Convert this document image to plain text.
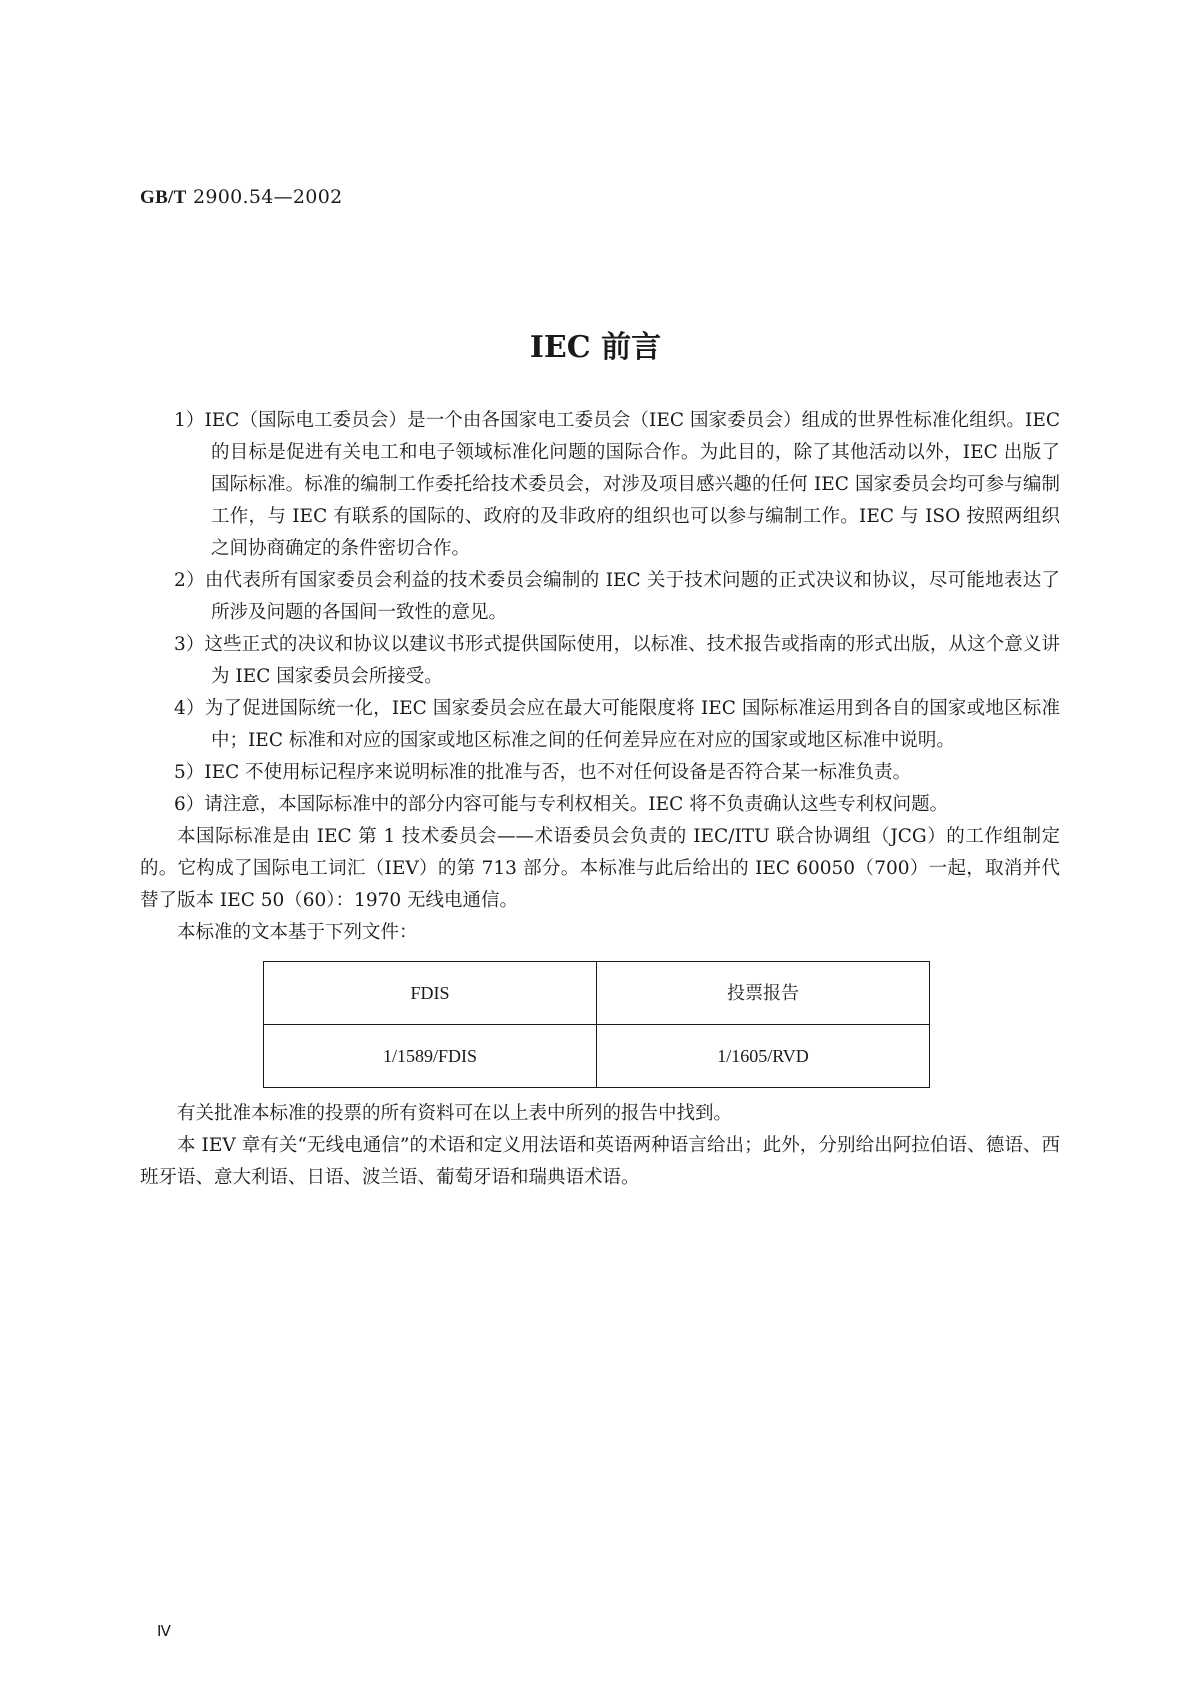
GB/T 2900.54—2002
IEC 前言

1）IEC（国际电工委员会）是一个由各国家电工委员会（IEC 国家委员会）组成的世界性标准化组织。IEC 的目标是促进有关电工和电子领域标准化问题的国际合作。为此目的，除了其他活动以外，IEC 出版了国际标准。标准的编制工作委托给技术委员会，对涉及项目感兴趣的任何 IEC 国家委员会均可参与编制工作，与 IEC 有联系的国际的、政府的及非政府的组织也可以参与编制工作。IEC 与 ISO 按照两组织之间协商确定的条件密切合作。

2）由代表所有国家委员会利益的技术委员会编制的 IEC 关于技术问题的正式决议和协议，尽可能地表达了所涉及问题的各国间一致性的意见。

3）这些正式的决议和协议以建议书形式提供国际使用，以标准、技术报告或指南的形式出版，从这个意义讲为 IEC 国家委员会所接受。

4）为了促进国际统一化，IEC 国家委员会应在最大可能限度将 IEC 国际标准运用到各自的国家或地区标准中；IEC 标准和对应的国家或地区标准之间的任何差异应在对应的国家或地区标准中说明。

5）IEC 不使用标记程序来说明标准的批准与否，也不对任何设备是否符合某一标准负责。

6）请注意，本国际标准中的部分内容可能与专利权相关。IEC 将不负责确认这些专利权问题。

本国际标准是由 IEC 第 1 技术委员会——术语委员会负责的 IEC/ITU 联合协调组（JCG）的工作组制定的。它构成了国际电工词汇（IEV）的第 713 部分。本标准与此后给出的 IEC 60050（700）一起，取消并代替了版本 IEC 50（60）：1970 无线电通信。

本标准的文本基于下列文件：

FDIS	投票报告
1/1589/FDIS	1/1605/RVD

有关批准本标准的投票的所有资料可在以上表中所列的报告中找到。

本 IEV 章有关“无线电通信”的术语和定义用法语和英语两种语言给出；此外，分别给出阿拉伯语、德语、西班牙语、意大利语、日语、波兰语、葡萄牙语和瑞典语术语。

Ⅳ
